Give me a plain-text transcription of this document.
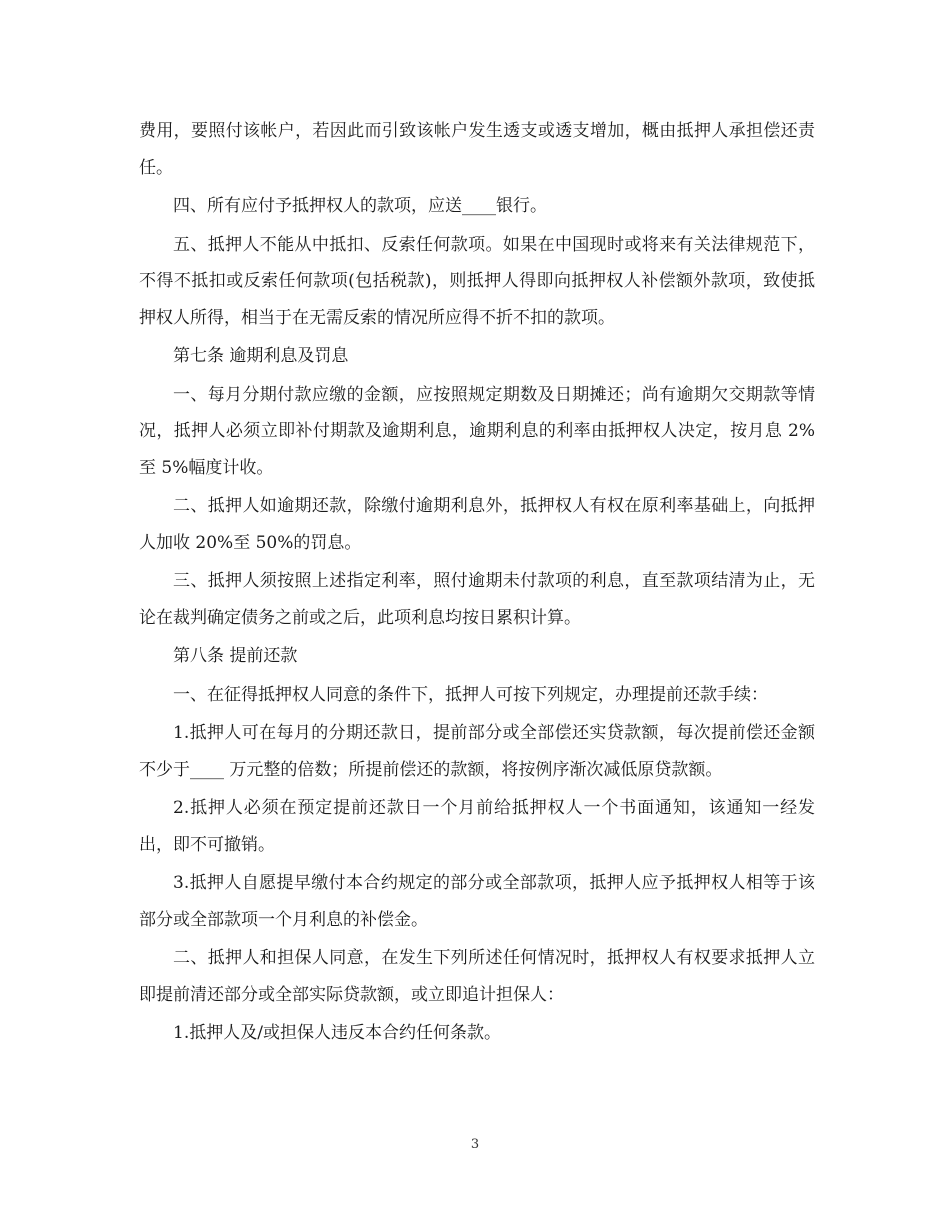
费用，要照付该帐户，若因此而引致该帐户发生透支或透支增加，概由抵押人承担偿还责任。

四、所有应付予抵押权人的款项，应送____银行。

五、抵押人不能从中抵扣、反索任何款项。如果在中国现时或将来有关法律规范下，不得不抵扣或反索任何款项(包括税款)，则抵押人得即向抵押权人补偿额外款项，致使抵押权人所得，相当于在无需反索的情况所应得不折不扣的款项。

第七条 逾期利息及罚息

一、每月分期付款应缴的金额，应按照规定期数及日期摊还；尚有逾期欠交期款等情况，抵押人必须立即补付期款及逾期利息，逾期利息的利率由抵押权人决定，按月息 2%至 5%幅度计收。

二、抵押人如逾期还款，除缴付逾期利息外，抵押权人有权在原利率基础上，向抵押人加收 20%至 50%的罚息。

三、抵押人须按照上述指定利率，照付逾期未付款项的利息，直至款项结清为止，无论在裁判确定债务之前或之后，此项利息均按日累积计算。

第八条 提前还款

一、在征得抵押权人同意的条件下，抵押人可按下列规定，办理提前还款手续：

1.抵押人可在每月的分期还款日，提前部分或全部偿还实贷款额，每次提前偿还金额不少于____ 万元整的倍数；所提前偿还的款额，将按例序渐次减低原贷款额。

2.抵押人必须在预定提前还款日一个月前给抵押权人一个书面通知，该通知一经发出，即不可撤销。

3.抵押人自愿提早缴付本合约规定的部分或全部款项，抵押人应予抵押权人相等于该部分或全部款项一个月利息的补偿金。

二、抵押人和担保人同意，在发生下列所述任何情况时，抵押权人有权要求抵押人立即提前清还部分或全部实际贷款额，或立即追计担保人：

1.抵押人及/或担保人违反本合约任何条款。

3
